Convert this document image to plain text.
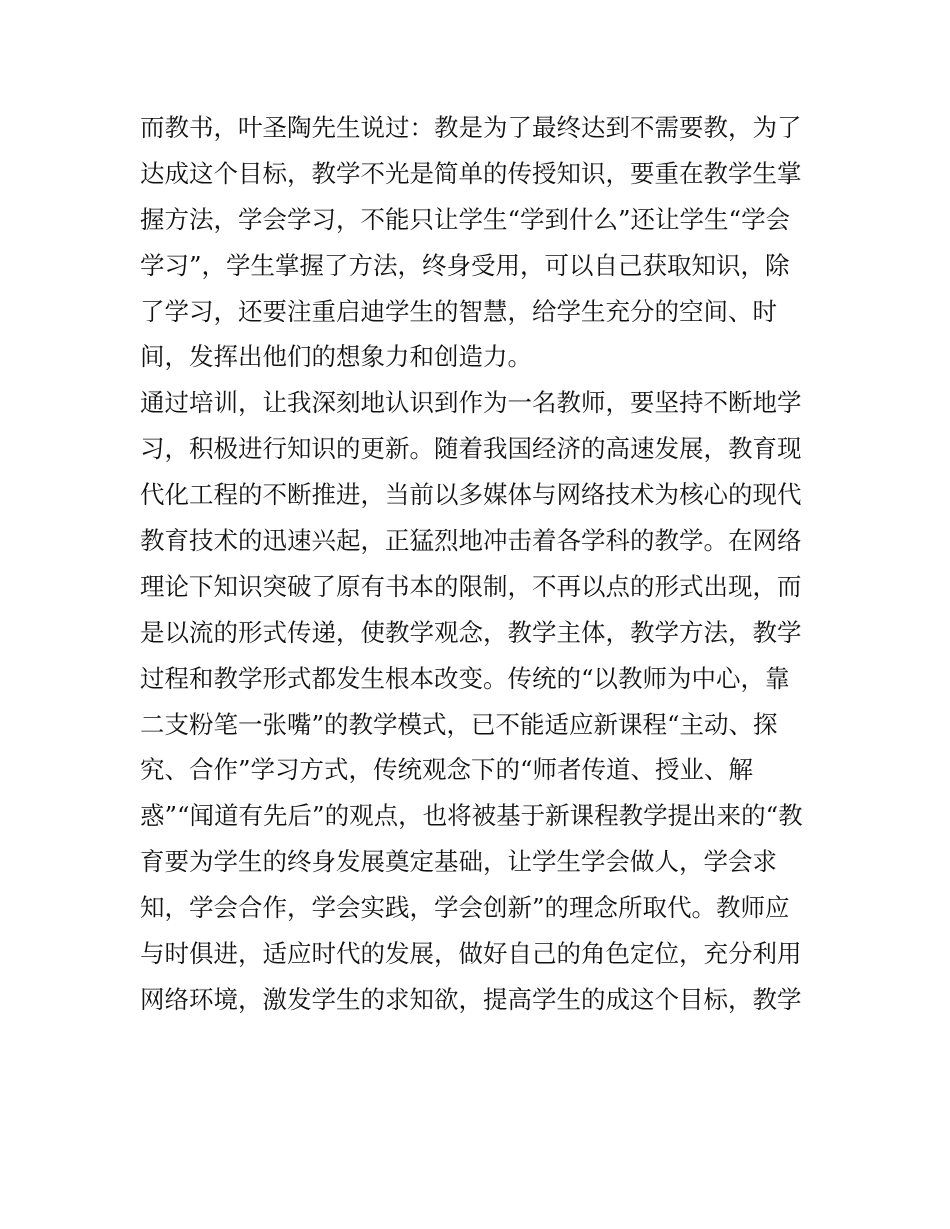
而教书，叶圣陶先生说过：教是为了最终达到不需要教，为了
达成这个目标，教学不光是简单的传授知识，要重在教学生掌
握方法，学会学习，不能只让学生“学到什么”还让学生“学会
学习”，学生掌握了方法，终身受用，可以自己获取知识，除
了学习，还要注重启迪学生的智慧，给学生充分的空间、时
间，发挥出他们的想象力和创造力。
通过培训，让我深刻地认识到作为一名教师，要坚持不断地学
习，积极进行知识的更新。随着我国经济的高速发展，教育现
代化工程的不断推进，当前以多媒体与网络技术为核心的现代
教育技术的迅速兴起，正猛烈地冲击着各学科的教学。在网络
理论下知识突破了原有书本的限制，不再以点的形式出现，而
是以流的形式传递，使教学观念，教学主体，教学方法，教学
过程和教学形式都发生根本改变。传统的“以教师为中心，靠
二支粉笔一张嘴”的教学模式，已不能适应新课程“主动、探
究、合作”学习方式，传统观念下的“师者传道、授业、解
惑”“闻道有先后”的观点，也将被基于新课程教学提出来的“教
育要为学生的终身发展奠定基础，让学生学会做人，学会求
知，学会合作，学会实践，学会创新”的理念所取代。教师应
与时俱进，适应时代的发展，做好自己的角色定位，充分利用
网络环境，激发学生的求知欲，提高学生的成这个目标，教学
